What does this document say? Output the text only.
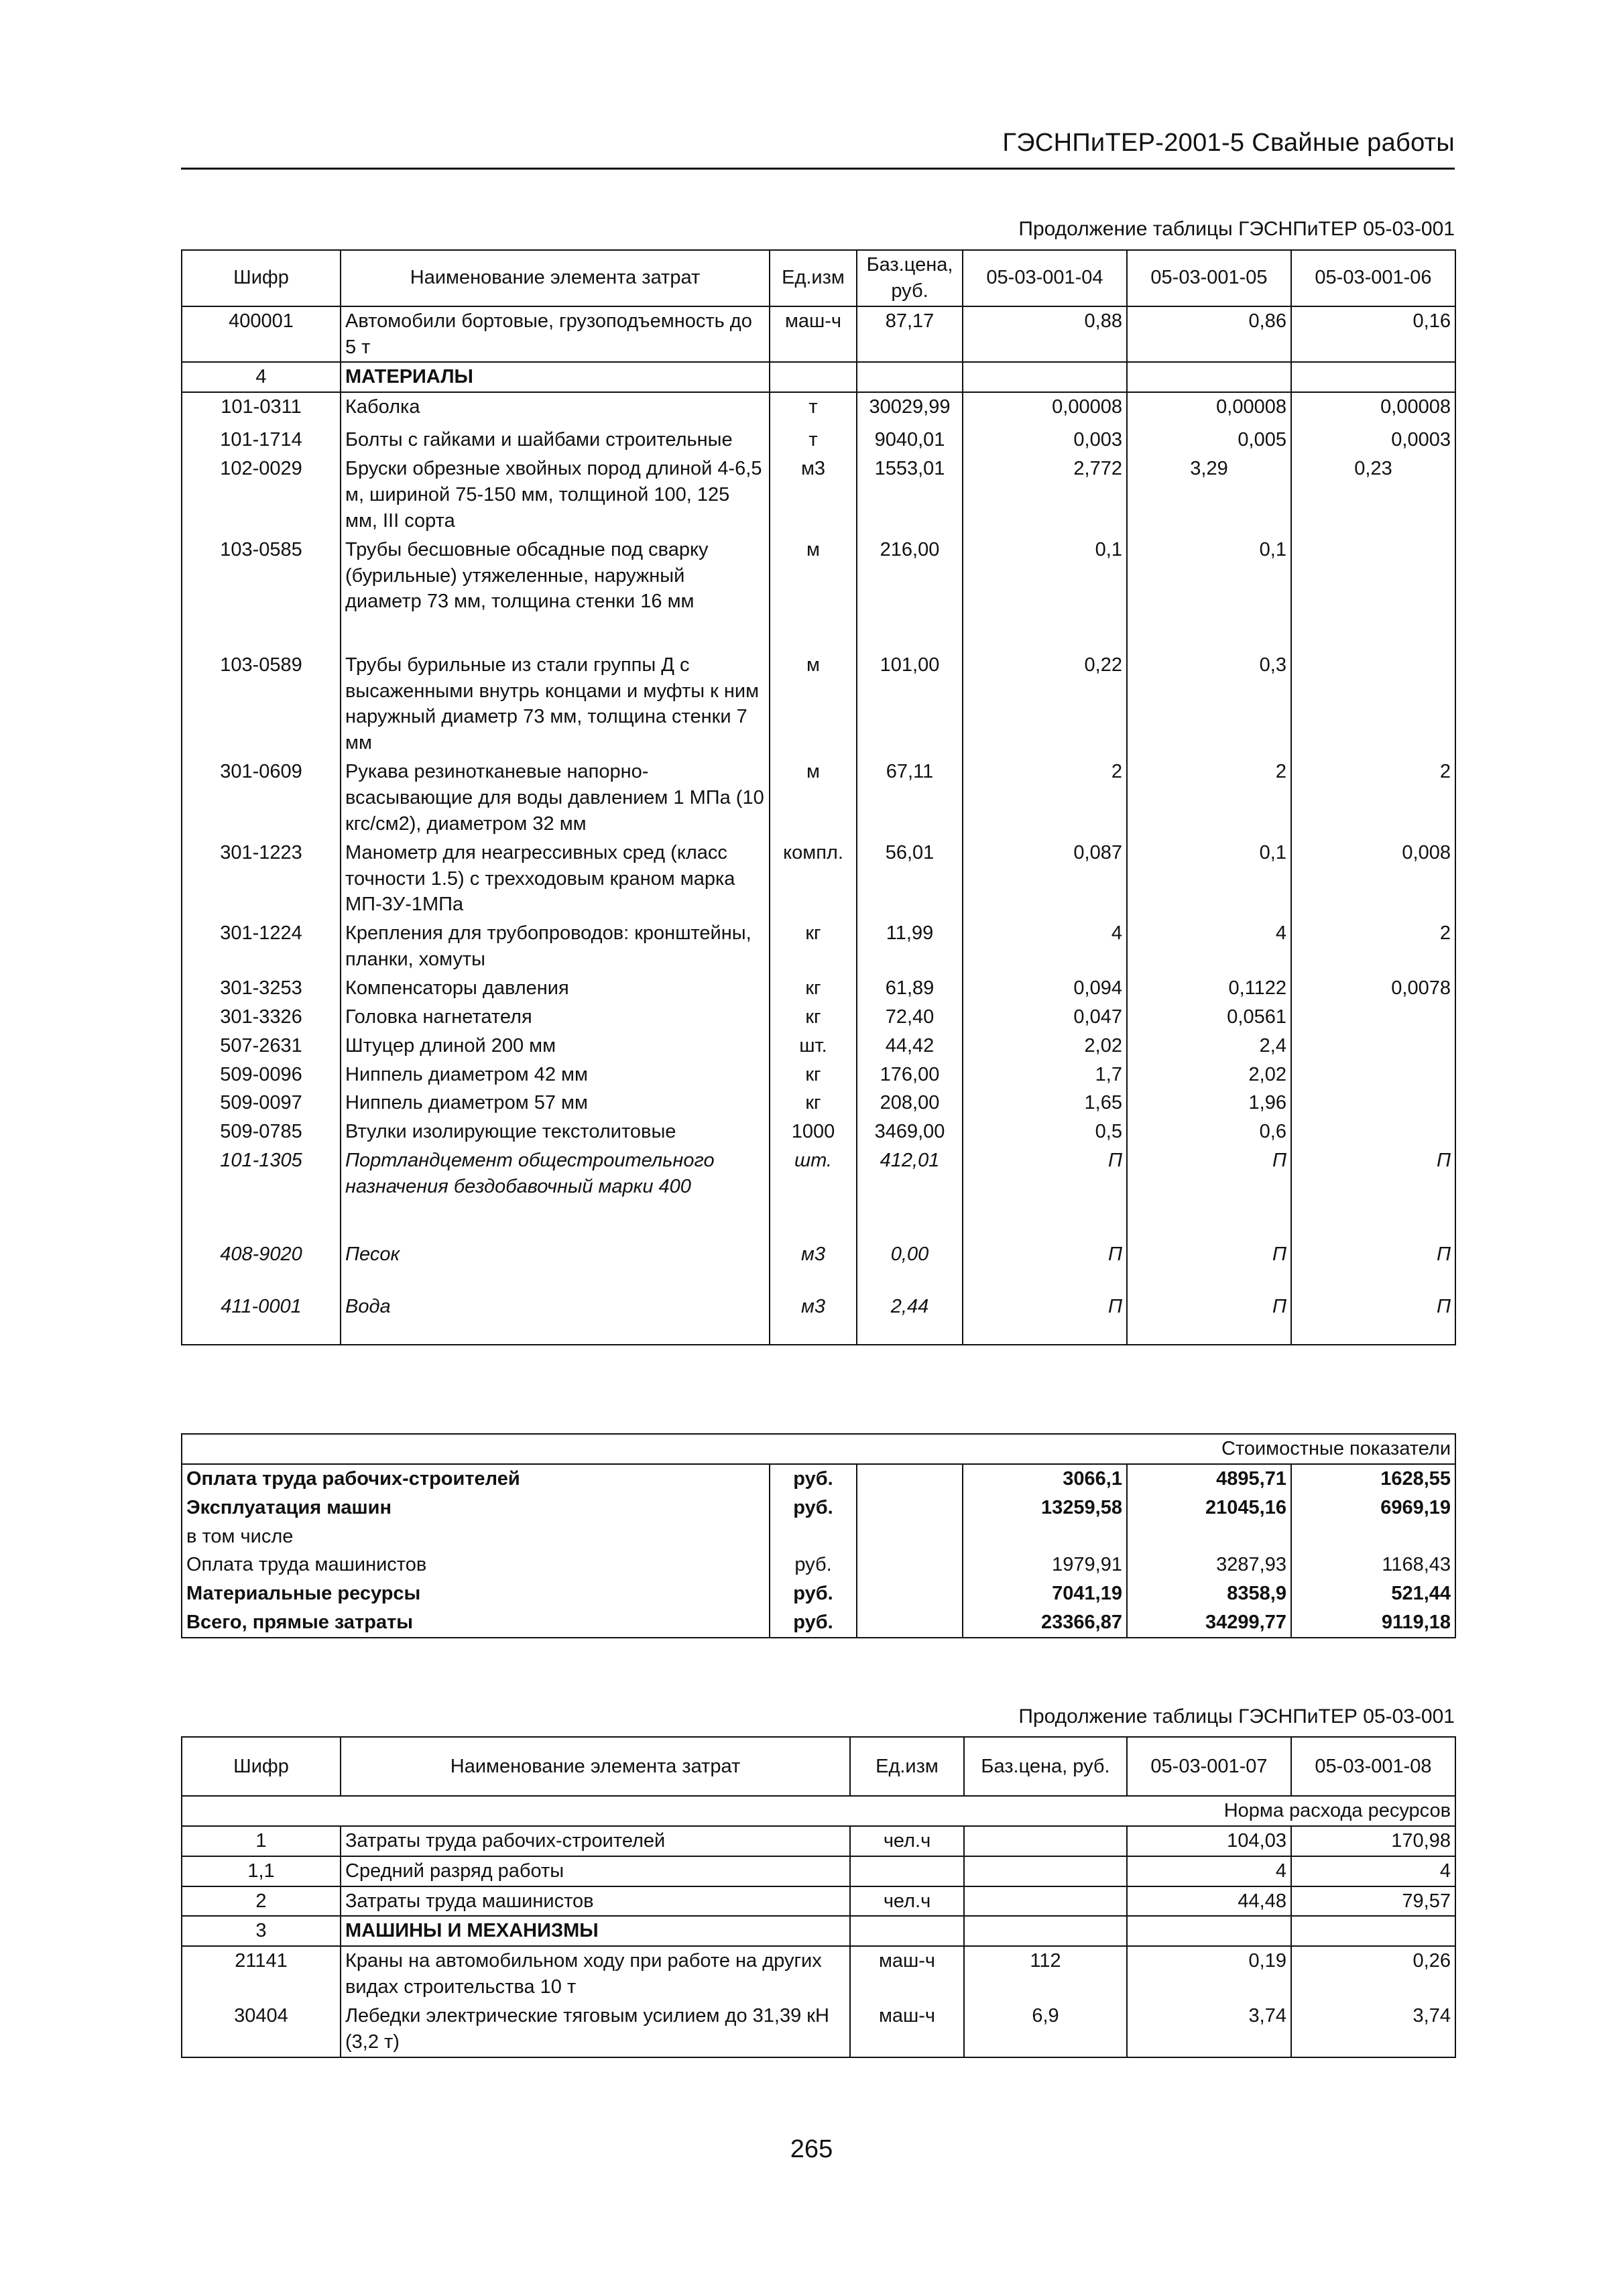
ГЭСНПиТЕР-2001-5 Свайные работы
Продолжение таблицы ГЭСНПиТЕР 05-03-001
Шифр	Наименование элемента затрат	Ед.изм	Баз.цена, руб.	05-03-001-04	05-03-001-05	05-03-001-06
400001	Автомобили бортовые, грузоподъемность до 5 т	маш-ч	87,17	0,88	0,86	0,16
4	МАТЕРИАЛЫ					
101-0311	Каболка	т	30029,99	0,00008	0,00008	0,00008
101-1714	Болты с гайками и шайбами строительные	т	9040,01	0,003	0,005	0,0003
102-0029	Бруски обрезные хвойных пород длиной 4-6,5 м, шириной 75-150 мм, толщиной 100, 125 мм, III сорта	м3	1553,01	2,772	3,29	0,23
103-0585	Трубы бесшовные обсадные под сварку (бурильные) утяжеленные, наружный диаметр 73 мм, толщина стенки 16 мм	м	216,00	0,1	0,1	
103-0589	Трубы бурильные из стали группы Д с высаженными внутрь концами и муфты к ним наружный диаметр 73 мм, толщина стенки 7 мм	м	101,00	0,22	0,3	
301-0609	Рукава резинотканевые напорно-всасывающие для воды давлением 1 МПа (10 кгс/см2), диаметром 32 мм	м	67,11	2	2	2
301-1223	Манометр для неагрессивных сред (класс точности 1.5) с трехходовым краном марка МП-3У-1МПа	компл.	56,01	0,087	0,1	0,008
301-1224	Крепления для трубопроводов: кронштейны, планки, хомуты	кг	11,99	4	4	2
301-3253	Компенсаторы давления	кг	61,89	0,094	0,1122	0,0078
301-3326	Головка нагнетателя	кг	72,40	0,047	0,0561	
507-2631	Штуцер длиной 200 мм	шт.	44,42	2,02	2,4	
509-0096	Ниппель диаметром 42 мм	кг	176,00	1,7	2,02	
509-0097	Ниппель диаметром 57 мм	кг	208,00	1,65	1,96	
509-0785	Втулки изолирующие текстолитовые	1000	3469,00	0,5	0,6	
101-1305	Портландцемент общестроительного назначения бездобавочный марки 400	шт.	412,01	П	П	П
408-9020	Песок	м3	0,00	П	П	П
411-0001	Вода	м3	2,44	П	П	П
Стоимостные показатели					
Оплата труда рабочих-строителей	руб.		3066,1	4895,71	1628,55
Эксплуатация машин	руб.		13259,58	21045,16	6969,19
в том числе					
Оплата труда машинистов	руб.		1979,91	3287,93	1168,43
Материальные ресурсы	руб.		7041,19	8358,9	521,44
Всего, прямые затраты	руб.		23366,87	34299,77	9119,18
Продолжение таблицы ГЭСНПиТЕР 05-03-001
Шифр	Наименование элемента затрат	Ед.изм	Баз.цена, руб.	05-03-001-07	05-03-001-08
Норма расхода ресурсов					
1	Затраты труда рабочих-строителей	чел.ч		104,03	170,98
1,1	Средний разряд работы			4	4
2	Затраты труда машинистов	чел.ч		44,48	79,57
3	МАШИНЫ И МЕХАНИЗМЫ				
21141	Краны на автомобильном ходу при работе на других видах строительства 10 т	маш-ч	112	0,19	0,26
30404	Лебедки электрические тяговым усилием до 31,39 кН (3,2 т)	маш-ч	6,9	3,74	3,74
265
